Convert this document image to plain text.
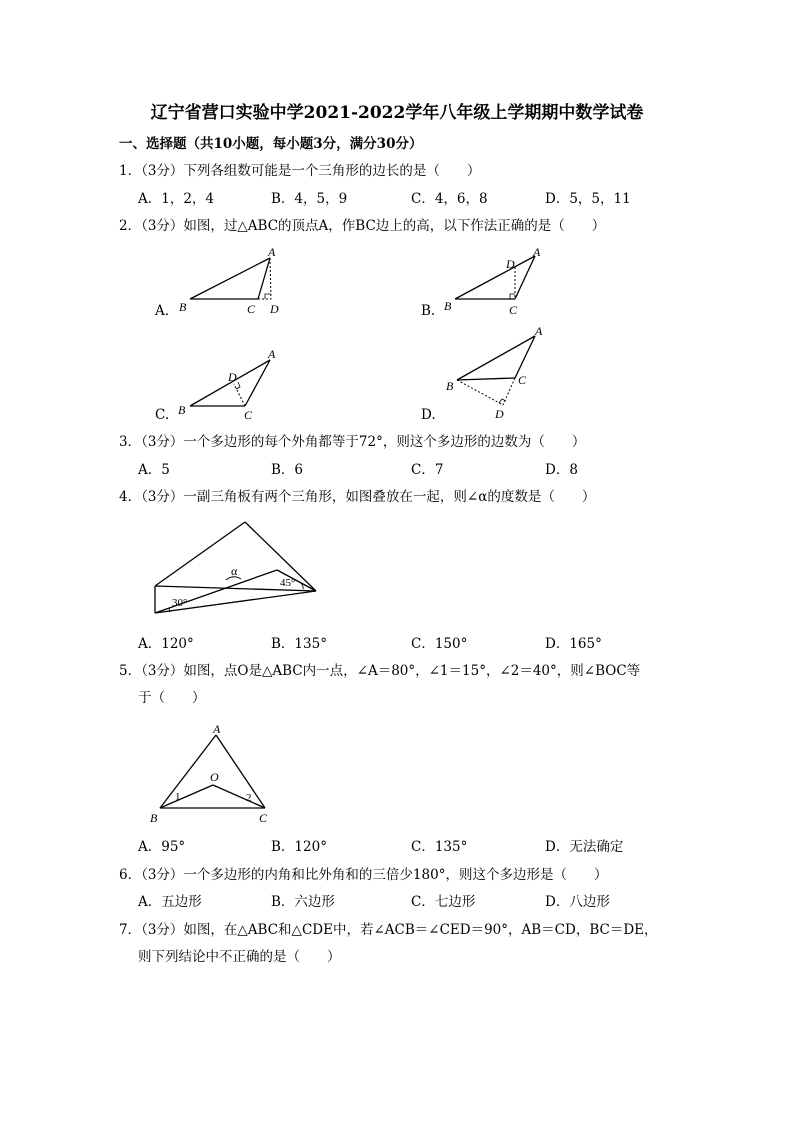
辽宁省营口实验中学2021-2022学年八年级上学期期中数学试卷
一、选择题（共10小题，每小题3分，满分30分）
1．（3分）下列各组数可能是一个三角形的边长的是（　　）
A．1，2，4	B．4，5，9	C．4，6，8	D．5，5，11
2．（3分）如图，过△ABC的顶点A，作BC边上的高，以下作法正确的是（　　）
A.
A
B	C D	B.
A
D
B	C
C.
A
D
B	C	D.
A
B	C
D
3．（3分）一个多边形的每个外角都等于72°，则这个多边形的边数为（　　）
A．5	B．6	C．7	D．8
4．（3分）一副三角板有两个三角形，如图叠放在一起，则∠α的度数是（　　）
α
45°
30°
A．120°	B．135°	C．150°	D．165°
5．（3分）如图，点O是△ABC内一点，∠A＝80°，∠1＝15°，∠2＝40°，则∠BOC等
于（　　）
A
O
B	C
1	2
A．95°	B．120°	C．135°	D．无法确定
6．（3分）一个多边形的内角和比外角和的三倍少180°，则这个多边形是（　　）
A．五边形	B．六边形	C．七边形	D．八边形
7．（3分）如图，在△ABC和△CDE中，若∠ACB＝∠CED＝90°，AB＝CD，BC＝DE，
则下列结论中不正确的是（　　）
